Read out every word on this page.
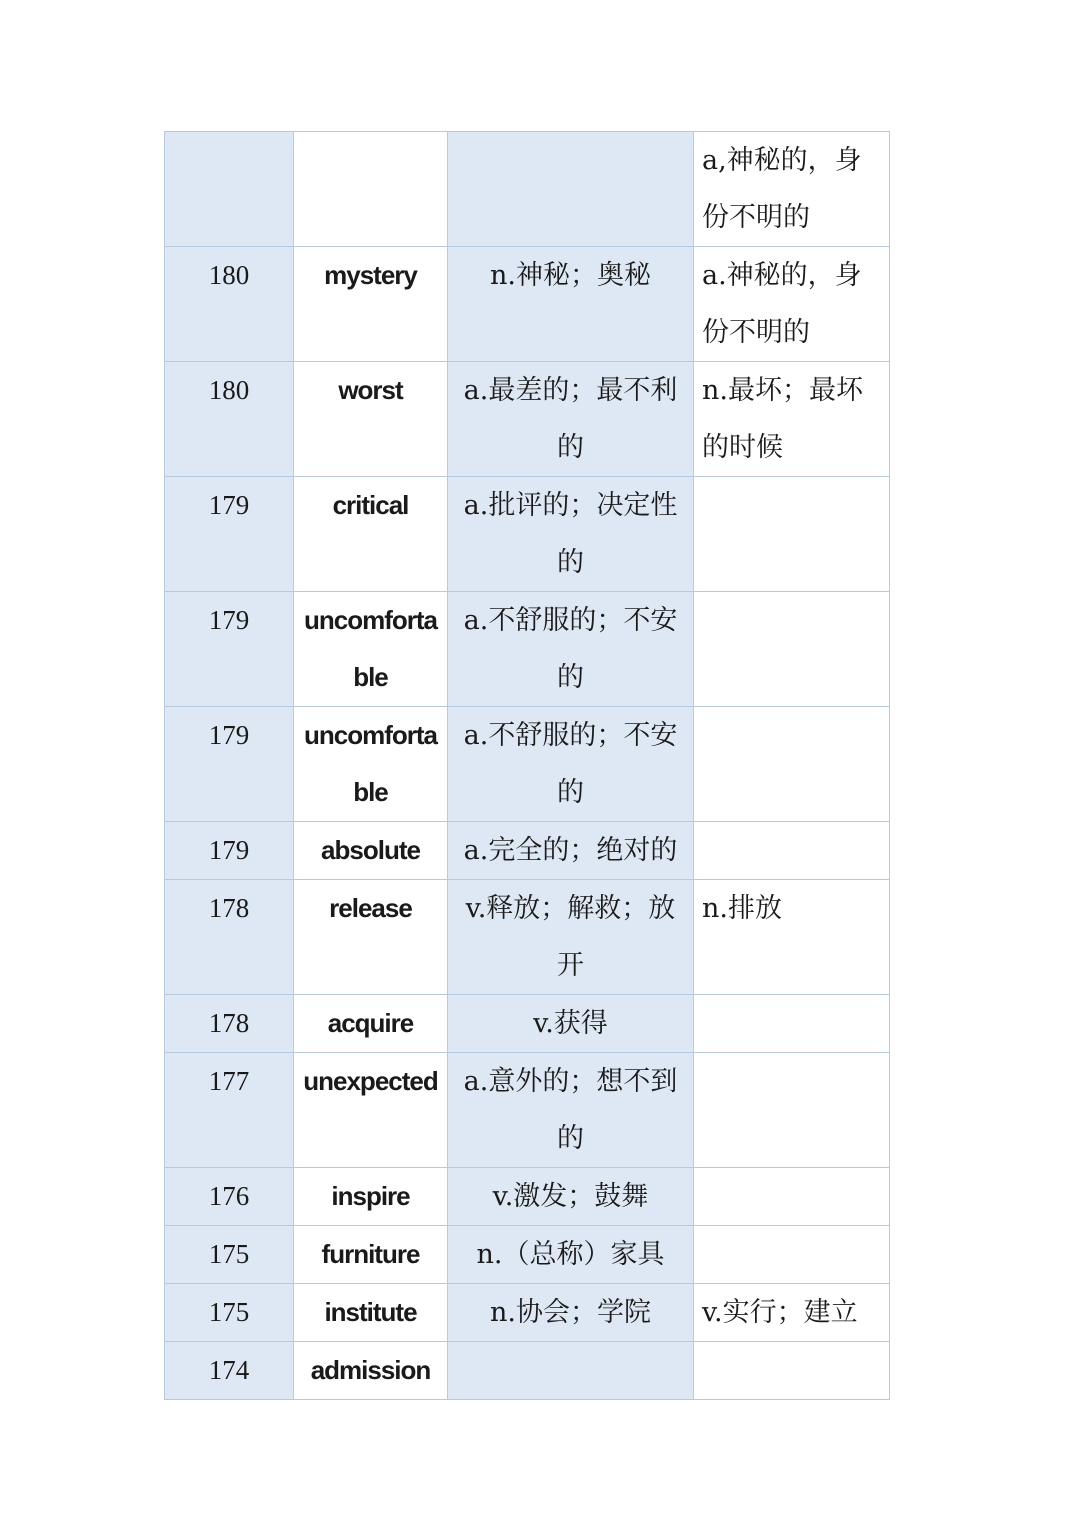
			a,神秘的，身份不明的
180	mystery	n.神秘；奥秘	a.神秘的，身份不明的
180	worst	a.最差的；最不利的	n.最坏；最坏的时候
179	critical	a.批评的；决定性的	
179	uncomfortable	a.不舒服的；不安的	
179	uncomfortable	a.不舒服的；不安的	
179	absolute	a.完全的；绝对的	
178	release	v.释放；解救；放开	n.排放
178	acquire	v.获得	
177	unexpected	a.意外的；想不到的	
176	inspire	v.激发；鼓舞	
175	furniture	n.（总称）家具	
175	institute	n.协会；学院	v.实行；建立
174	admission		
